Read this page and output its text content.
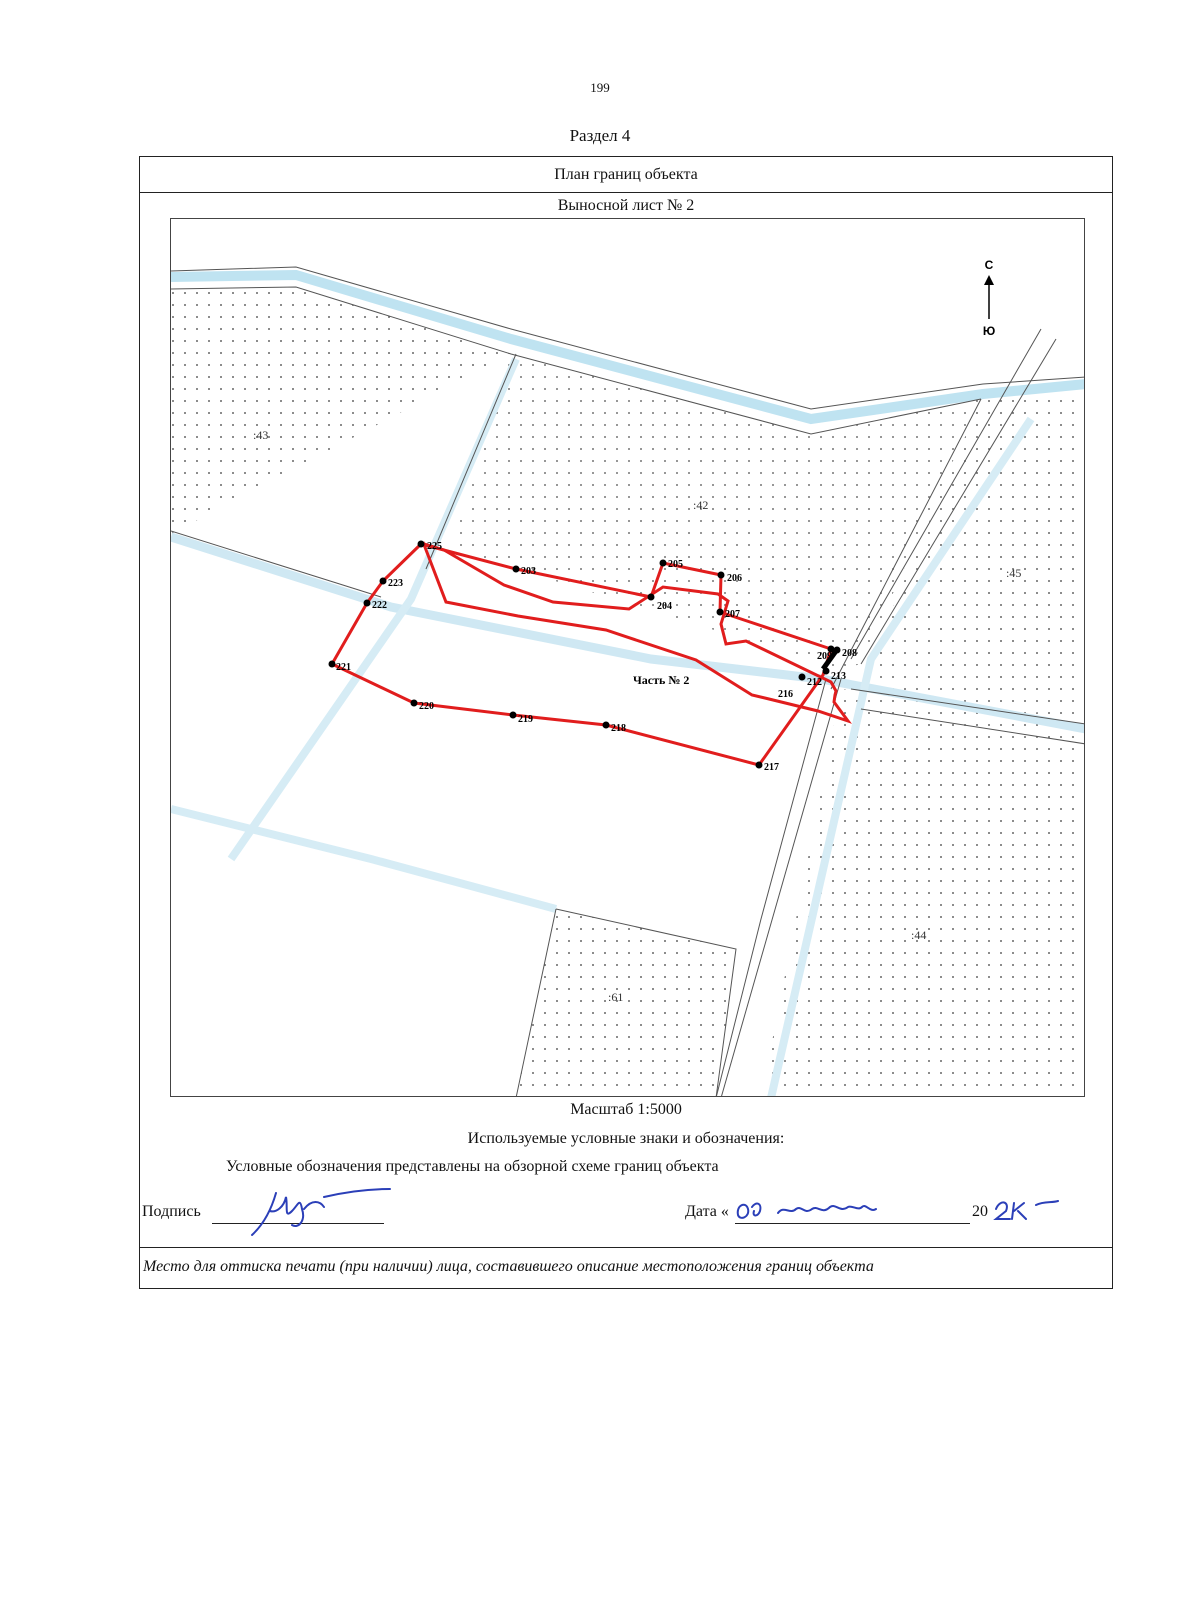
199
Раздел 4
План границ объекта
Выносной лист № 2
225
203
205
206
204
207
209 208
213
212
216
217
218
219
220
221
222
223
:43
:42
:45
:44
:61
Часть № 2
С
Ю
Масштаб 1:5000
Используемые условные знаки и обозначения:
Условные обозначения представлены на обзорной схеме границ объекта
Подпись	Дата «	20
Место для оттиска печати (при наличии) лица, составившего описание местоположения границ объекта
